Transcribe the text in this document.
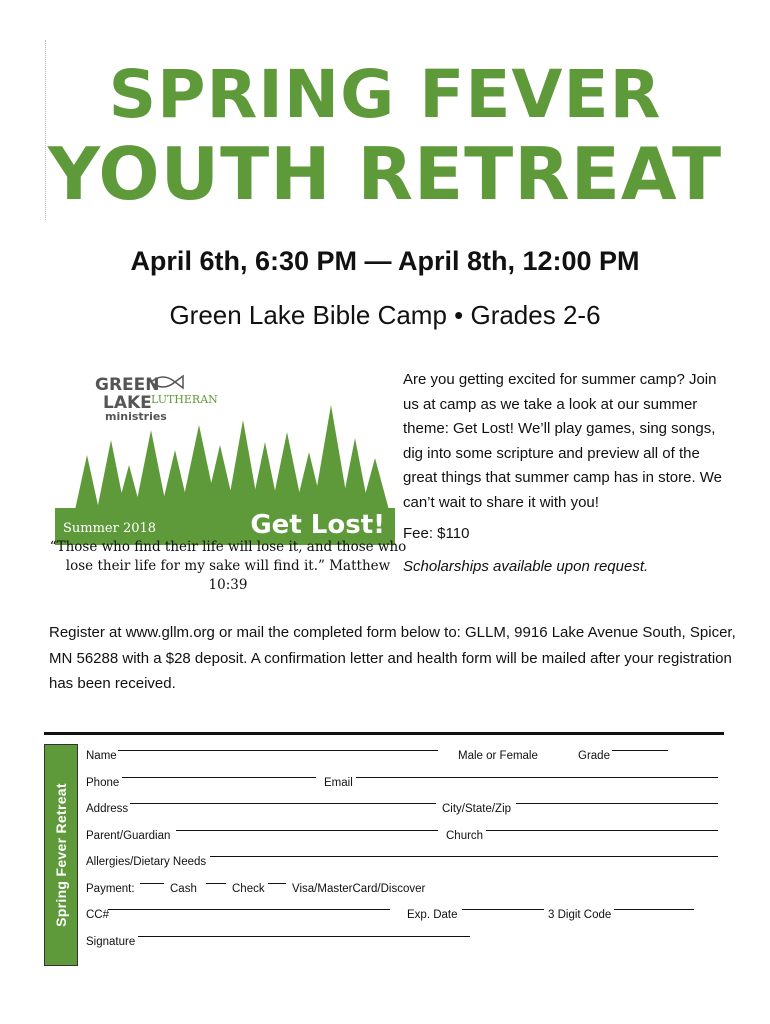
SPRING FEVER
YOUTH RETREAT
April 6th, 6:30 PM — April 8th, 12:00 PM
Green Lake Bible Camp • Grades 2-6
GREEN
LAKE LUTHERAN
ministries
Summer 2018	Get Lost!
“Those who find their life will lose it, and those who lose their life for my sake will find it.” Matthew 10:39
Are you getting excited for summer camp? Join us at camp as we take a look at our summer theme: Get Lost! We’ll play games, sing songs, dig into some scripture and preview all of the great things that summer camp has in store. We can’t wait to share it with you!
Fee: $110
Scholarships available upon request.
Register at www.gllm.org or mail the completed form below to: GLLM, 9916 Lake Avenue South, Spicer, MN 56288 with a $28 deposit. A confirmation letter and health form will be mailed after your registration has been received.
Spring Fever Retreat
Name	Male or Female	Grade
Phone	Email
Address	City/State/Zip
Parent/Guardian	Church
Allergies/Dietary Needs
Payment:	Cash	Check Visa/MasterCard/Discover
CC#	Exp. Date	3 Digit Code
Signature
